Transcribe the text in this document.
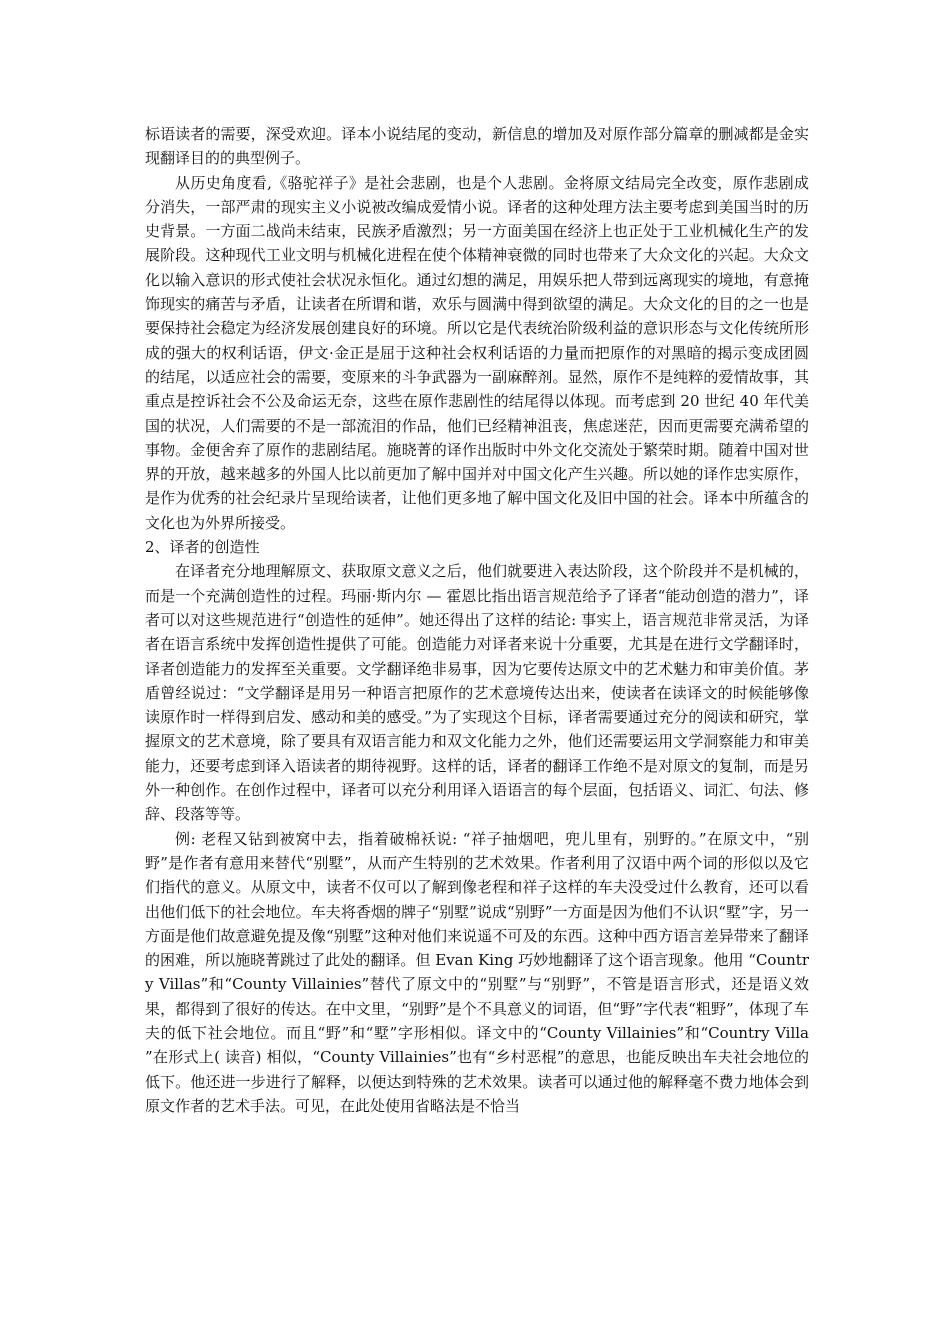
标语读者的需要，深受欢迎。译本小说结尾的变动，新信息的增加及对原作部分篇章的删减都是金实现翻译目的的典型例子。

从历史角度看,《骆驼祥子》是社会悲剧，也是个人悲剧。金将原文结局完全改变，原作悲剧成分消失，一部严肃的现实主义小说被改编成爱情小说。译者的这种处理方法主要考虑到美国当时的历史背景。一方面二战尚未结束，民族矛盾激烈；另一方面美国在经济上也正处于工业机械化生产的发展阶段。这种现代工业文明与机械化进程在使个体精神衰微的同时也带来了大众文化的兴起。大众文化以输入意识的形式使社会状况永恒化。通过幻想的满足，用娱乐把人带到远离现实的境地，有意掩饰现实的痛苦与矛盾，让读者在所谓和谐，欢乐与圆满中得到欲望的满足。大众文化的目的之一也是要保持社会稳定为经济发展创建良好的环境。所以它是代表统治阶级利益的意识形态与文化传统所形成的强大的权利话语，伊文·金正是屈于这种社会权利话语的力量而把原作的对黑暗的揭示变成团圆的结尾，以适应社会的需要，变原来的斗争武器为一副麻醉剂。显然，原作不是纯粹的爱情故事，其重点是控诉社会不公及命运无奈，这些在原作悲剧性的结尾得以体现。而考虑到 20 世纪 40 年代美国的状况，人们需要的不是一部流泪的作品，他们已经精神沮丧，焦虑迷茫，因而更需要充满希望的事物。金便舍弃了原作的悲剧结尾。施晓菁的译作出版时中外文化交流处于繁荣时期。随着中国对世界的开放，越来越多的外国人比以前更加了解中国并对中国文化产生兴趣。所以她的译作忠实原作，是作为优秀的社会纪录片呈现给读者，让他们更多地了解中国文化及旧中国的社会。译本中所蕴含的文化也为外界所接受。

2、译者的创造性

在译者充分地理解原文、获取原文意义之后，他们就要进入表达阶段，这个阶段并不是机械的，而是一个充满创造性的过程。玛丽·斯内尔 — 霍恩比指出语言规范给予了译者“能动创造的潜力”，译者可以对这些规范进行“创造性的延伸”。她还得出了这样的结论: 事实上，语言规范非常灵活，为译者在语言系统中发挥创造性提供了可能。创造能力对译者来说十分重要，尤其是在进行文学翻译时，译者创造能力的发挥至关重要。文学翻译绝非易事，因为它要传达原文中的艺术魅力和审美价值。茅盾曾经说过：“文学翻译是用另一种语言把原作的艺术意境传达出来，使读者在读译文的时候能够像读原作时一样得到启发、感动和美的感受。”为了实现这个目标，译者需要通过充分的阅读和研究，掌握原文的艺术意境，除了要具有双语言能力和双文化能力之外，他们还需要运用文学洞察能力和审美能力，还要考虑到译入语读者的期待视野。这样的话，译者的翻译工作绝不是对原文的复制，而是另外一种创作。在创作过程中，译者可以充分利用译入语语言的每个层面，包括语义、词汇、句法、修辞、段落等等。

例: 老程又钻到被窝中去，指着破棉袄说: “祥子抽烟吧，兜儿里有，别野的。”在原文中，“别野”是作者有意用来替代“别墅”，从而产生特别的艺术效果。作者利用了汉语中两个词的形似以及它们指代的意义。从原文中，读者不仅可以了解到像老程和祥子这样的车夫没受过什么教育，还可以看出他们低下的社会地位。车夫将香烟的牌子“别墅”说成“别野”一方面是因为他们不认识“墅”字，另一方面是他们故意避免提及像“别墅”这种对他们来说遥不可及的东西。这种中西方语言差异带来了翻译的困难，所以施晓菁跳过了此处的翻译。但 Evan King 巧妙地翻译了这个语言现象。他用 “Country Villas”和“County Villainies”替代了原文中的“别墅”与“别野”，不管是语言形式，还是语义效果，都得到了很好的传达。在中文里，“别野”是个不具意义的词语，但“野”字代表“粗野”，体现了车夫的低下社会地位。而且“野”和“墅”字形相似。译文中的“County Villainies”和“Country Villa ”在形式上( 读音) 相似，“County Villainies”也有“乡村恶棍”的意思，也能反映出车夫社会地位的低下。他还进一步进行了解释，以便达到特殊的艺术效果。读者可以通过他的解释毫不费力地体会到原文作者的艺术手法。可见，在此处使用省略法是不恰当
